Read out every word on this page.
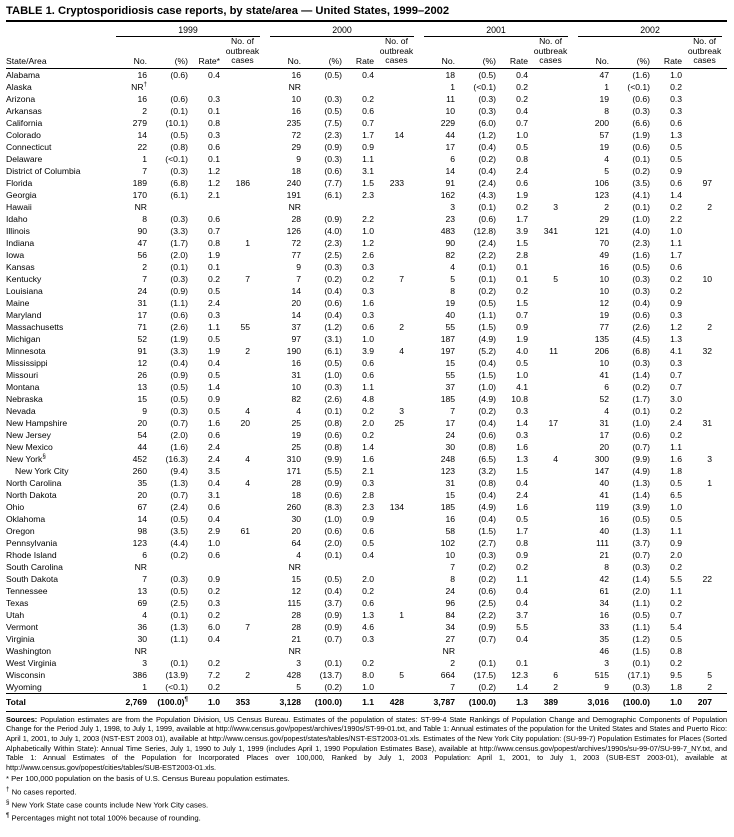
TABLE 1. Cryptosporidiosis case reports, by state/area — United States, 1999–2002

	1999				2000				2001				2002			

State/Area	No.	(%)	Rate*	No. of outbreak cases	No.	(%)	Rate	No. of outbreak cases	No.	(%)	Rate	No. of outbreak cases	No.	(%)	Rate	No. of outbreak cases
Alabama	16	(0.6)	0.4		16	(0.5)	0.4		18	(0.5)	0.4		47	(1.6)	1.0	
Alaska	NR†				NR				1	(<0.1)	0.2		1	(<0.1)	0.2	
Arizona	16	(0.6)	0.3		10	(0.3)	0.2		11	(0.3)	0.2		19	(0.6)	0.3	
Arkansas	2	(0.1)	0.1		16	(0.5)	0.6		10	(0.3)	0.4		8	(0.3)	0.3	
California	279	(10.1)	0.8		235	(7.5)	0.7		229	(6.0)	0.7		200	(6.6)	0.6	
Colorado	14	(0.5)	0.3		72	(2.3)	1.7	14	44	(1.2)	1.0		57	(1.9)	1.3	
Connecticut	22	(0.8)	0.6		29	(0.9)	0.9		17	(0.4)	0.5		19	(0.6)	0.5	
Delaware	1	(<0.1)	0.1		9	(0.3)	1.1		6	(0.2)	0.8		4	(0.1)	0.5	
District of Columbia	7	(0.3)	1.2		18	(0.6)	3.1		14	(0.4)	2.4		5	(0.2)	0.9	
Florida	189	(6.8)	1.2	186	240	(7.7)	1.5	233	91	(2.4)	0.6		106	(3.5)	0.6	97
Georgia	170	(6.1)	2.1		191	(6.1)	2.3		162	(4.3)	1.9		123	(4.1)	1.4	
Hawaii	NR				NR				3	(0.1)	0.2	3	2	(0.1)	0.2	2
Idaho	8	(0.3)	0.6		28	(0.9)	2.2		23	(0.6)	1.7		29	(1.0)	2.2	
Illinois	90	(3.3)	0.7		126	(4.0)	1.0		483	(12.8)	3.9	341	121	(4.0)	1.0	
Indiana	47	(1.7)	0.8	1	72	(2.3)	1.2		90	(2.4)	1.5		70	(2.3)	1.1	
Iowa	56	(2.0)	1.9		77	(2.5)	2.6		82	(2.2)	2.8		49	(1.6)	1.7	
Kansas	2	(0.1)	0.1		9	(0.3)	0.3		4	(0.1)	0.1		16	(0.5)	0.6	
Kentucky	7	(0.3)	0.2	7	7	(0.2)	0.2	7	5	(0.1)	0.1	5	10	(0.3)	0.2	10
Louisiana	24	(0.9)	0.5		14	(0.4)	0.3		8	(0.2)	0.2		10	(0.3)	0.2	
Maine	31	(1.1)	2.4		20	(0.6)	1.6		19	(0.5)	1.5		12	(0.4)	0.9	
Maryland	17	(0.6)	0.3		14	(0.4)	0.3		40	(1.1)	0.7		19	(0.6)	0.3	
Massachusetts	71	(2.6)	1.1	55	37	(1.2)	0.6	2	55	(1.5)	0.9		77	(2.6)	1.2	2
Michigan	52	(1.9)	0.5		97	(3.1)	1.0		187	(4.9)	1.9		135	(4.5)	1.3	
Minnesota	91	(3.3)	1.9	2	190	(6.1)	3.9	4	197	(5.2)	4.0	11	206	(6.8)	4.1	32
Mississippi	12	(0.4)	0.4		16	(0.5)	0.6		15	(0.4)	0.5		10	(0.3)	0.3	
Missouri	26	(0.9)	0.5		31	(1.0)	0.6		55	(1.5)	1.0		41	(1.4)	0.7	
Montana	13	(0.5)	1.4		10	(0.3)	1.1		37	(1.0)	4.1		6	(0.2)	0.7	
Nebraska	15	(0.5)	0.9		82	(2.6)	4.8		185	(4.9)	10.8		52	(1.7)	3.0	
Nevada	9	(0.3)	0.5	4	4	(0.1)	0.2	3	7	(0.2)	0.3		4	(0.1)	0.2	
New Hampshire	20	(0.7)	1.6	20	25	(0.8)	2.0	25	17	(0.4)	1.4	17	31	(1.0)	2.4	31
New Jersey	54	(2.0)	0.6		19	(0.6)	0.2		24	(0.6)	0.3		17	(0.6)	0.2	
New Mexico	44	(1.6)	2.4		25	(0.8)	1.4		30	(0.8)	1.6		20	(0.7)	1.1	
New York§	452	(16.3)	2.4	4	310	(9.9)	1.6		248	(6.5)	1.3	4	300	(9.9)	1.6	3
New York City	260	(9.4)	3.5		171	(5.5)	2.1		123	(3.2)	1.5		147	(4.9)	1.8	
North Carolina	35	(1.3)	0.4	4	28	(0.9)	0.3		31	(0.8)	0.4		40	(1.3)	0.5	1
North Dakota	20	(0.7)	3.1		18	(0.6)	2.8		15	(0.4)	2.4		41	(1.4)	6.5	
Ohio	67	(2.4)	0.6		260	(8.3)	2.3	134	185	(4.9)	1.6		119	(3.9)	1.0	
Oklahoma	14	(0.5)	0.4		30	(1.0)	0.9		16	(0.4)	0.5		16	(0.5)	0.5	
Oregon	98	(3.5)	2.9	61	20	(0.6)	0.6		58	(1.5)	1.7		40	(1.3)	1.1	
Pennsylvania	123	(4.4)	1.0		64	(2.0)	0.5		102	(2.7)	0.8		111	(3.7)	0.9	
Rhode Island	6	(0.2)	0.6		4	(0.1)	0.4		10	(0.3)	0.9		21	(0.7)	2.0	
South Carolina	NR				NR				7	(0.2)	0.2		8	(0.3)	0.2	
South Dakota	7	(0.3)	0.9		15	(0.5)	2.0		8	(0.2)	1.1		42	(1.4)	5.5	22
Tennessee	13	(0.5)	0.2		12	(0.4)	0.2		24	(0.6)	0.4		61	(2.0)	1.1	
Texas	69	(2.5)	0.3		115	(3.7)	0.6		96	(2.5)	0.4		34	(1.1)	0.2	
Utah	4	(0.1)	0.2		28	(0.9)	1.3	1	84	(2.2)	3.7		16	(0.5)	0.7	
Vermont	36	(1.3)	6.0	7	28	(0.9)	4.6		34	(0.9)	5.5		33	(1.1)	5.4	
Virginia	30	(1.1)	0.4		21	(0.7)	0.3		27	(0.7)	0.4		35	(1.2)	0.5	
Washington	NR				NR				NR				46	(1.5)	0.8	
West Virginia	3	(0.1)	0.2		3	(0.1)	0.2		2	(0.1)	0.1		3	(0.1)	0.2	
Wisconsin	386	(13.9)	7.2	2	428	(13.7)	8.0	5	664	(17.5)	12.3	6	515	(17.1)	9.5	5
Wyoming	1	(<0.1)	0.2		5	(0.2)	1.0		7	(0.2)	1.4	2	9	(0.3)	1.8	2
Total	2,769	(100.0)¶	1.0	353	3,128	(100.0)	1.1	428	3,787	(100.0)	1.3	389	3,016	(100.0)	1.0	207
Sources: Population estimates are from the Population Division, US Census Bureau. Estimates of the population of states: ST-99-4 State Rankings of Population Change and Demographic Components of Population Change for the Period July 1, 1998, to July 1, 1999, available at http://www.census.gov/popest/archives/1990s/ST-99-01.txt, and Table 1: Annual estimates of the population for the United States and States and Puerto Rico: April 1, 2001, to July 1, 2003 (NST-EST 2003 01), available at http://www.census.gov/popest/states/tables/NST-EST2003-01.xls. Estimates of the New York City population: (SU-99-7) Population Estimates for Places (Sorted Alphabetically Within State): Annual Time Series, July 1, 1990 to July 1, 1999 (includes April 1, 1990 Population Estimates Base), available at http://www.census.gov/popest/archives/1990s/su-99-07/SU-99-7_NY.txt, and Table 1: Annual Estimates of the Population for Incorporated Places over 100,000, Ranked by July 1, 2003 Population: April 1, 2001, to July 1, 2003 (SUB-EST 2003-01), available at http://www.census.gov/popest/cities/tables/SUB-EST2003-01.xls.
* Per 100,000 population on the basis of U.S. Census Bureau population estimates.
† No cases reported.
§ New York State case counts include New York City cases.
¶ Percentages might not total 100% because of rounding.
